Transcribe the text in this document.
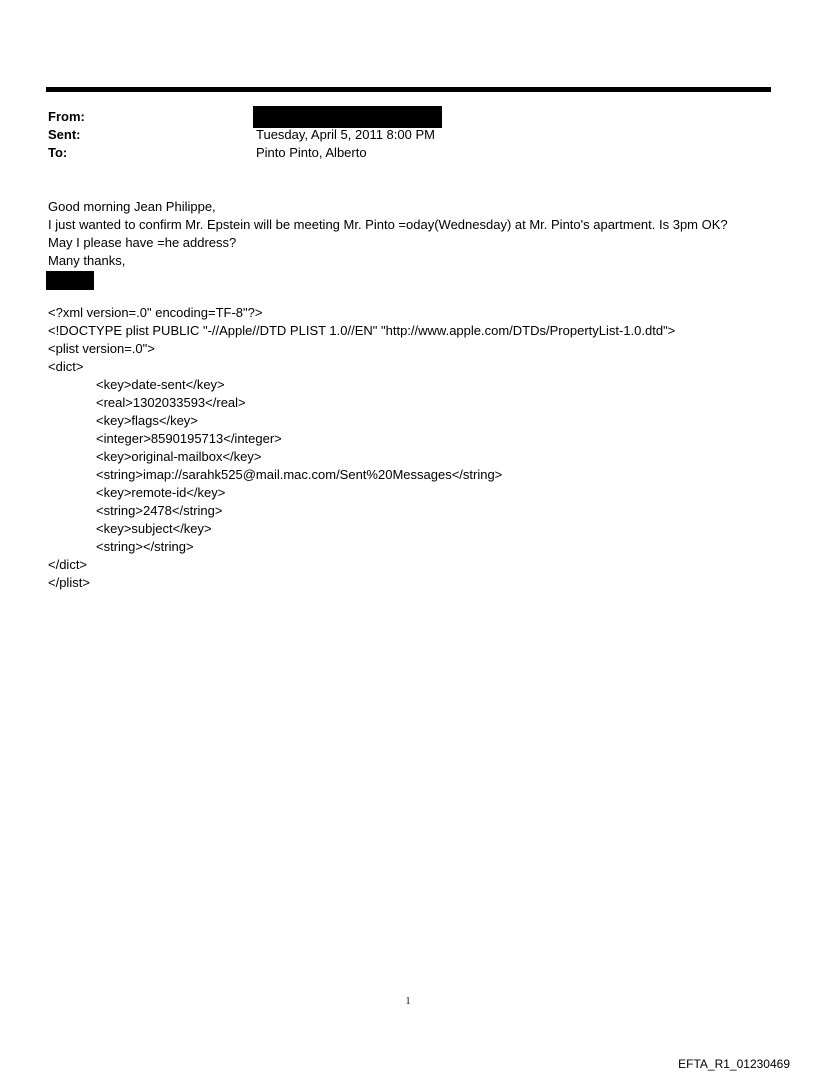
From:
Sent:	Tuesday, April 5, 2011 8:00 PM
To:	Pinto Pinto, Alberto
Good morning Jean Philippe,
I just wanted to confirm Mr. Epstein will be meeting Mr. Pinto =oday(Wednesday) at Mr. Pinto's apartment. Is 3pm OK?
May I please have =he address?
Many thanks,
<?xml version=.0" encoding=TF-8"?>
<!DOCTYPE plist PUBLIC "-//Apple//DTD PLIST 1.0//EN" "http://www.apple.com/DTDs/PropertyList-1.0.dtd">
<plist version=.0">
<dict>
<key>date-sent</key>
<real>1302033593</real>
<key>flags</key>
<integer>8590195713</integer>
<key>original-mailbox</key>
<string>imap://sarahk525@mail.mac.com/Sent%20Messages</string>
<key>remote-id</key>
<string>2478</string>
<key>subject</key>
<string></string>
</dict>
</plist>
1
EFTA_R1_01230469
